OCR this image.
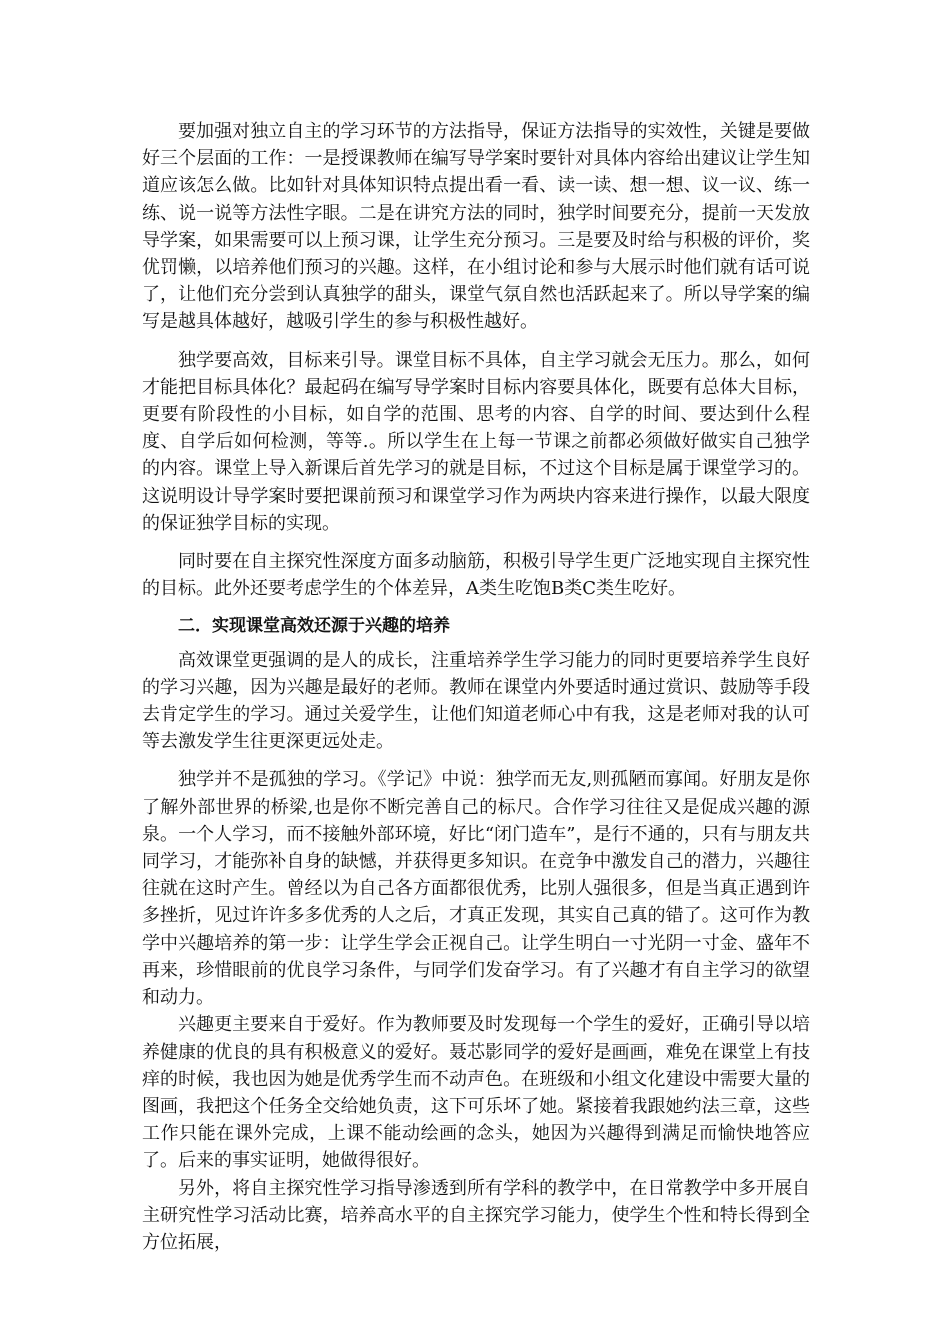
要加强对独立自主的学习环节的方法指导，保证方法指导的实效性，关键是要做好三个层面的工作：一是授课教师在编写导学案时要针对具体内容给出建议让学生知道应该怎么做。比如针对具体知识特点提出看一看、读一读、想一想、议一议、练一练、说一说等方法性字眼。二是在讲究方法的同时，独学时间要充分，提前一天发放导学案，如果需要可以上预习课，让学生充分预习。三是要及时给与积极的评价，奖优罚懒，以培养他们预习的兴趣。这样，在小组讨论和参与大展示时他们就有话可说了，让他们充分尝到认真独学的甜头，课堂气氛自然也活跃起来了。所以导学案的编写是越具体越好，越吸引学生的参与积极性越好。

独学要高效，目标来引导。课堂目标不具体，自主学习就会无压力。那么，如何才能把目标具体化？最起码在编写导学案时目标内容要具体化，既要有总体大目标，更要有阶段性的小目标，如自学的范围、思考的内容、自学的时间、要达到什么程度、自学后如何检测，等等.。所以学生在上每一节课之前都必须做好做实自己独学的内容。课堂上导入新课后首先学习的就是目标，不过这个目标是属于课堂学习的。这说明设计导学案时要把课前预习和课堂学习作为两块内容来进行操作，以最大限度的保证独学目标的实现。

同时要在自主探究性深度方面多动脑筋，积极引导学生更广泛地实现自主探究性的目标。此外还要考虑学生的个体差异，A类生吃饱B类C类生吃好。

二．实现课堂高效还源于兴趣的培养

高效课堂更强调的是人的成长，注重培养学生学习能力的同时更要培养学生良好的学习兴趣，因为兴趣是最好的老师。教师在课堂内外要适时通过赏识、鼓励等手段去肯定学生的学习。通过关爱学生，让他们知道老师心中有我，这是老师对我的认可等去激发学生往更深更远处走。

独学并不是孤独的学习。《学记》中说：独学而无友,则孤陋而寡闻。好朋友是你了解外部世界的桥梁,也是你不断完善自己的标尺。合作学习往往又是促成兴趣的源泉。一个人学习，而不接触外部环境，好比“闭门造车”，是行不通的，只有与朋友共同学习，才能弥补自身的缺憾，并获得更多知识。在竞争中激发自己的潜力，兴趣往往就在这时产生。曾经以为自己各方面都很优秀，比别人强很多，但是当真正遇到许多挫折，见过许许多多优秀的人之后，才真正发现，其实自己真的错了。这可作为教学中兴趣培养的第一步：让学生学会正视自己。让学生明白一寸光阴一寸金、盛年不再来，珍惜眼前的优良学习条件，与同学们发奋学习。有了兴趣才有自主学习的欲望和动力。

兴趣更主要来自于爱好。作为教师要及时发现每一个学生的爱好，正确引导以培养健康的优良的具有积极意义的爱好。聂芯影同学的爱好是画画，难免在课堂上有技痒的时候，我也因为她是优秀学生而不动声色。在班级和小组文化建设中需要大量的图画，我把这个任务全交给她负责，这下可乐坏了她。紧接着我跟她约法三章，这些工作只能在课外完成，上课不能动绘画的念头，她因为兴趣得到满足而愉快地答应了。后来的事实证明，她做得很好。

另外，将自主探究性学习指导渗透到所有学科的教学中，在日常教学中多开展自主研究性学习活动比赛，培养高水平的自主探究学习能力，使学生个性和特长得到全方位拓展，
